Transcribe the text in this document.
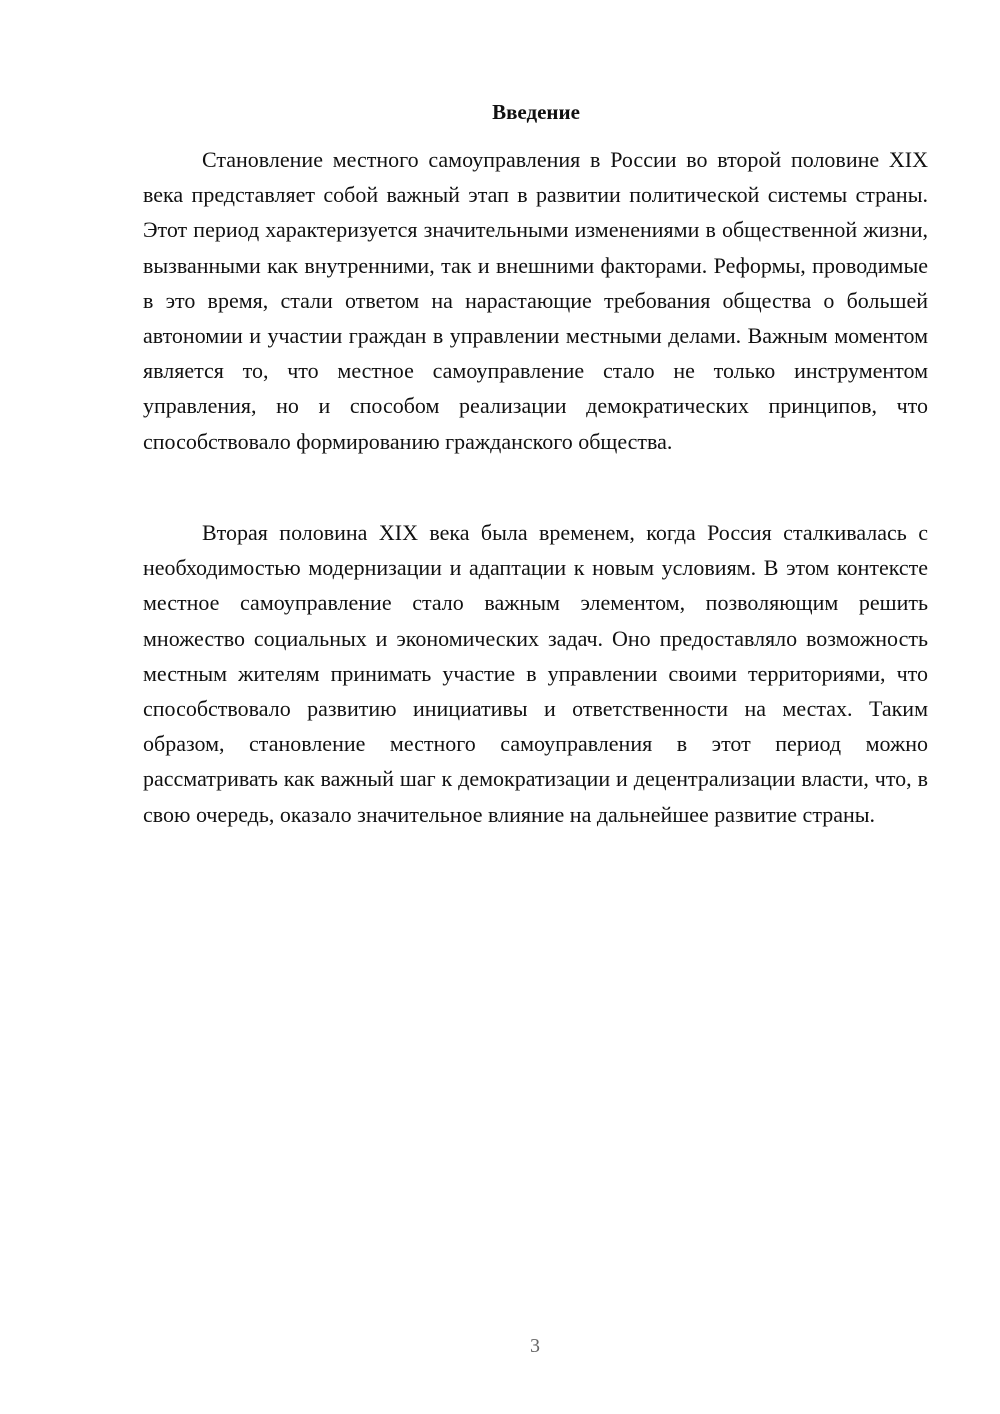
Введение

Становление местного самоуправления в России во второй половине XIX века представляет собой важный этап в развитии политической системы страны. Этот период характеризуется значительными изменениями в общественной жизни, вызванными как внутренними, так и внешними факторами. Реформы, проводимые в это время, стали ответом на нарастающие требования общества о большей автономии и участии граждан в управлении местными делами. Важным моментом является то, что местное самоуправление стало не только инструментом управления, но и способом реализации демократических принципов, что способствовало формированию гражданского общества.

Вторая половина XIX века была временем, когда Россия сталкивалась с необходимостью модернизации и адаптации к новым условиям. В этом контексте местное самоуправление стало важным элементом, позволяющим решить множество социальных и экономических задач. Оно предоставляло возможность местным жителям принимать участие в управлении своими территориями, что способствовало развитию инициативы и ответственности на местах. Таким образом, становление местного самоуправления в этот период можно рассматривать как важный шаг к демократизации и децентрализации власти, что, в свою очередь, оказало значительное влияние на дальнейшее развитие страны.

3
